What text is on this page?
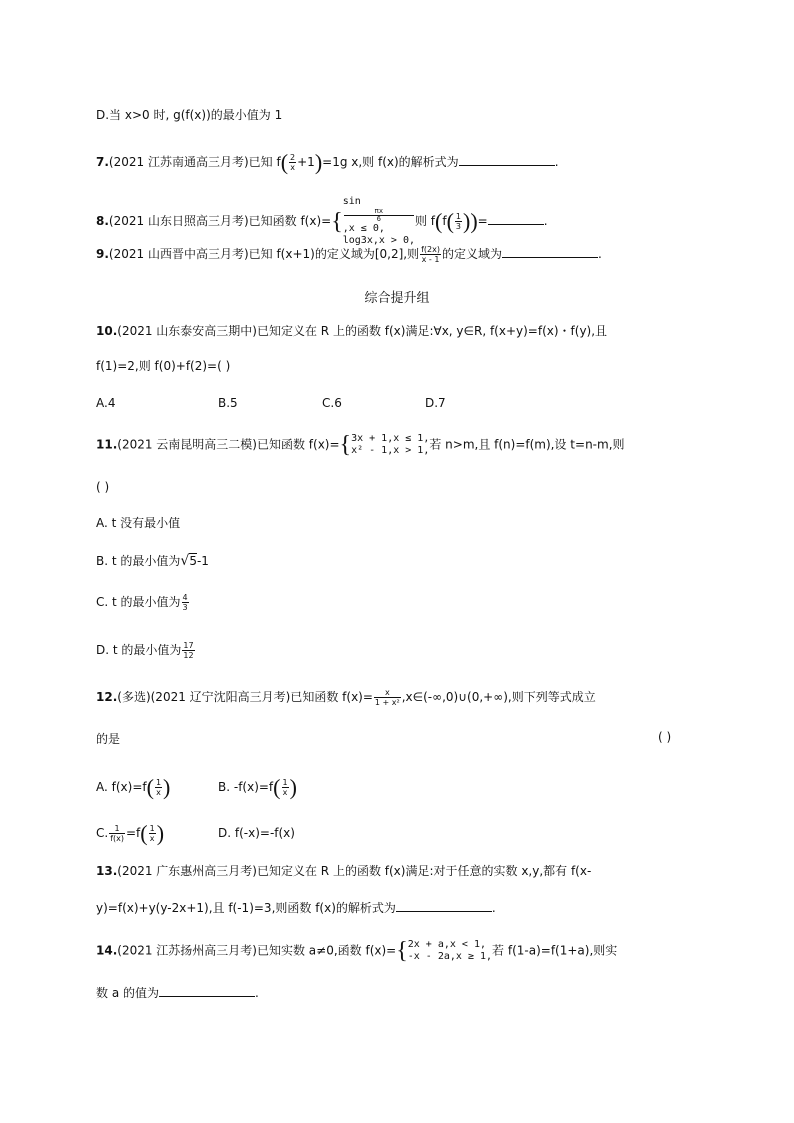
D.当 x>0 时, g(f(x))的最小值为 1
7.(2021 江苏南通高三月考)已知 $f( \frac{2}{x} +1)=1g$ x,则 f(x)的解析式为	.
8.(2021 山东日照高三月考)已知函数 f(x)={
sin
πx
6
,x ≤ 0,
log3x,x > 0,
则 $f(f( \frac{1}{3}$ ))=	.
9.(2021 山西晋中高三月考)已知 f(x+1)的定义域为[0,2],则 $\frac{f(2x)}{x - 1}$ 的定义域为	.
综合提升组
10.(2021 山东泰安高三期中)已知定义在 R 上的函数 f(x)满足:∀x, y∈R, f(x+y)=f(x)・f(y),且
f(1)=2,则 f(0)+f(2)=( )
A.4	B.5	C.6	D.7
11.(2021 云南昆明高三二模)已知函数 f(x)={ 3x + 1,x ≤ 1,
x² - 1,x > 1, 若 n>m,且 f(n)=f(m),设 t=n-m,则
( )
A. t 没有最小值
B. t 的最小值为√5-1
C. t 的最小值为 $\frac{4}{3}$
D. t 的最小值为 $\frac{17}{12}$
12.(多选)(2021 辽宁沈阳高三月考)已知函数 $f(x)= \frac{x}{\text{1 + x²}}$ ,x∈(-∞,0)∪(0,+∞),则下列等式成立
的是	( )
A. $f(x)=f( \frac{1}{x}$ )	B. $-f(x)=f( \frac{1}{x}$ )
C. $\frac{1}{f(x)} =f( \frac{1}{x}$ )	D. f(-x)=-f(x)
13.(2021 广东惠州高三月考)已知定义在 R 上的函数 f(x)满足:对于任意的实数 x,y,都有 f(x-
y)=f(x)+y(y-2x+1),且 f(-1)=3,则函数 f(x)的解析式为	.
14.(2021 江苏扬州高三月考)已知实数 a≠0,函数 f(x)={ 2x + a,x < 1,
-x - 2a,x ≥ 1, 若 f(1-a)=f(1+a),则实
数 a 的值为	.
